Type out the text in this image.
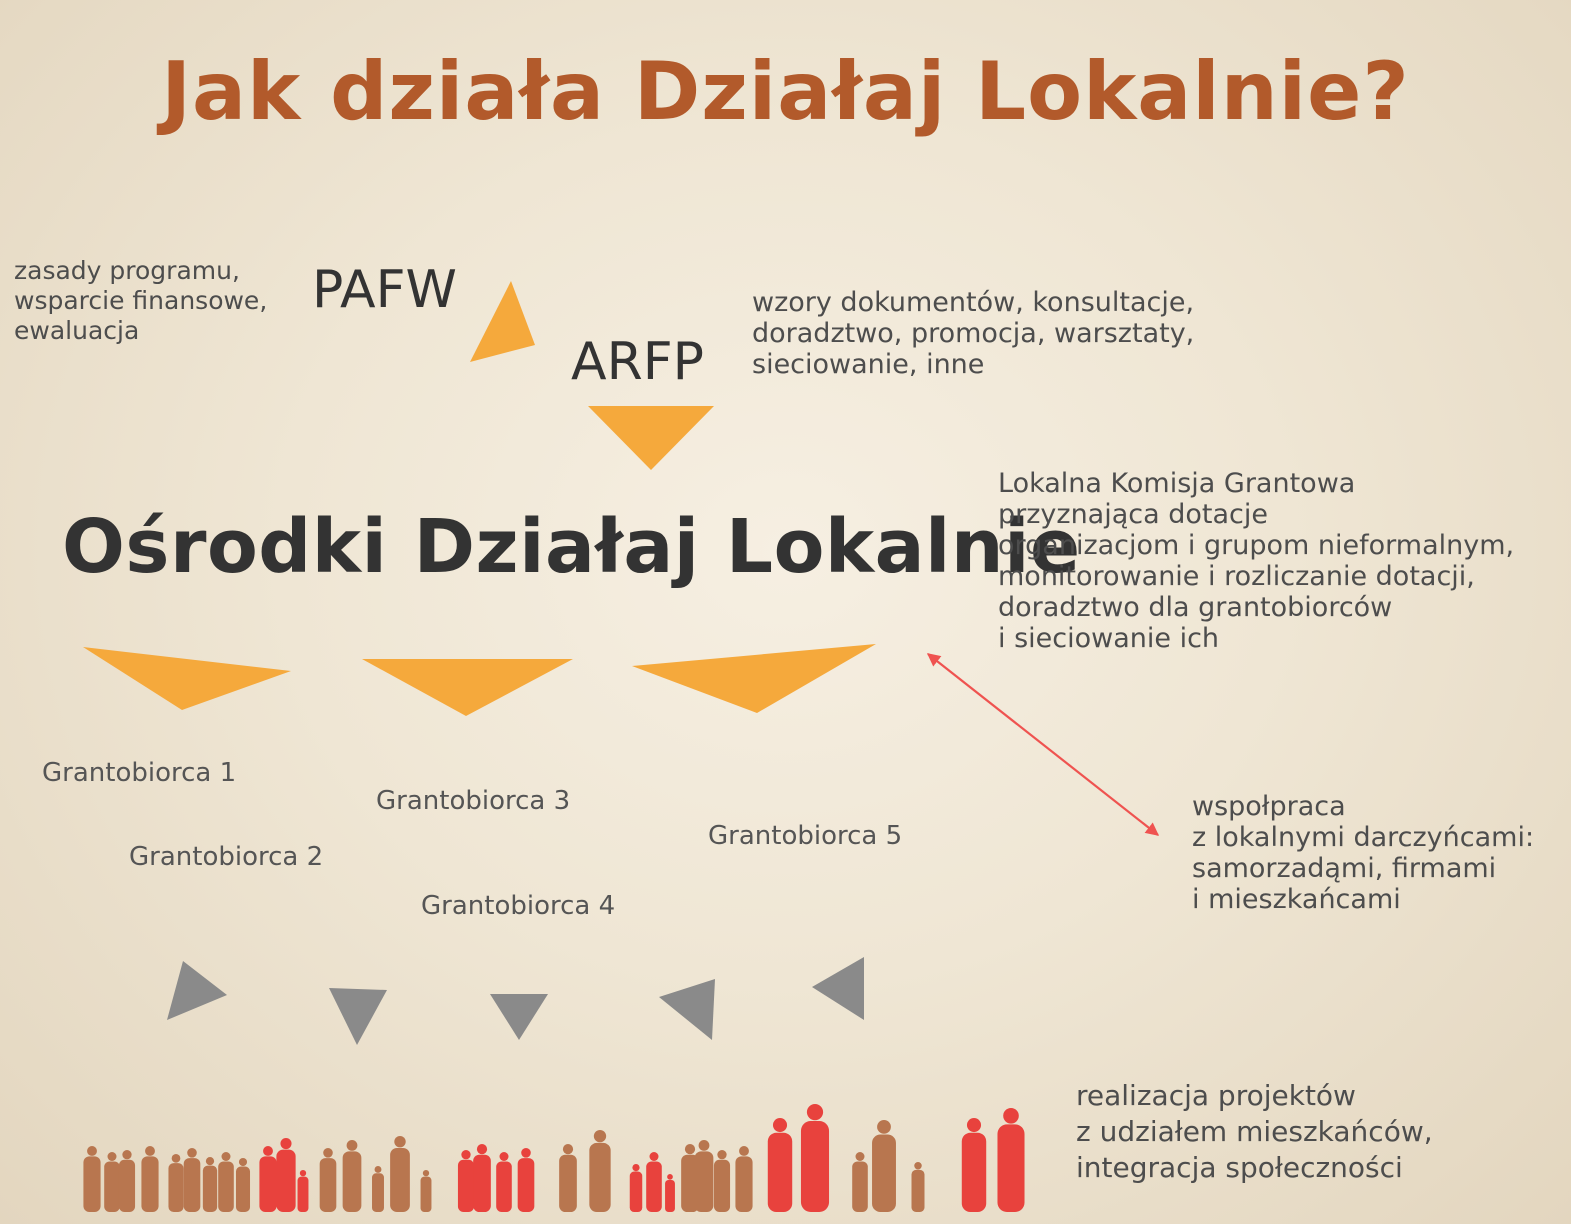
Jak działa Działaj Lokalnie?
zasady programu,
wsparcie finansowe,
ewaluacja
PAFW
ARFP
wzory dokumentów, konsultacje,
doradztwo, promocja, warsztaty,
sieciowanie, inne
Ośrodki Działaj Lokalnie
Lokalna Komisja Grantowa
przyznająca dotacje
organizacjom i grupom nieformalnym,
monitorowanie i rozliczanie dotacji,
doradztwo dla grantobiorców
i sieciowanie ich
Grantobiorca 1
Grantobiorca 2
Grantobiorca 3
Grantobiorca 4
Grantobiorca 5
wspołpraca
z lokalnymi darczyńcami:
samorzadąmi, firmami
i mieszkańcami
realizacja projektów
z udziałem mieszkańców,
integracja społeczności
